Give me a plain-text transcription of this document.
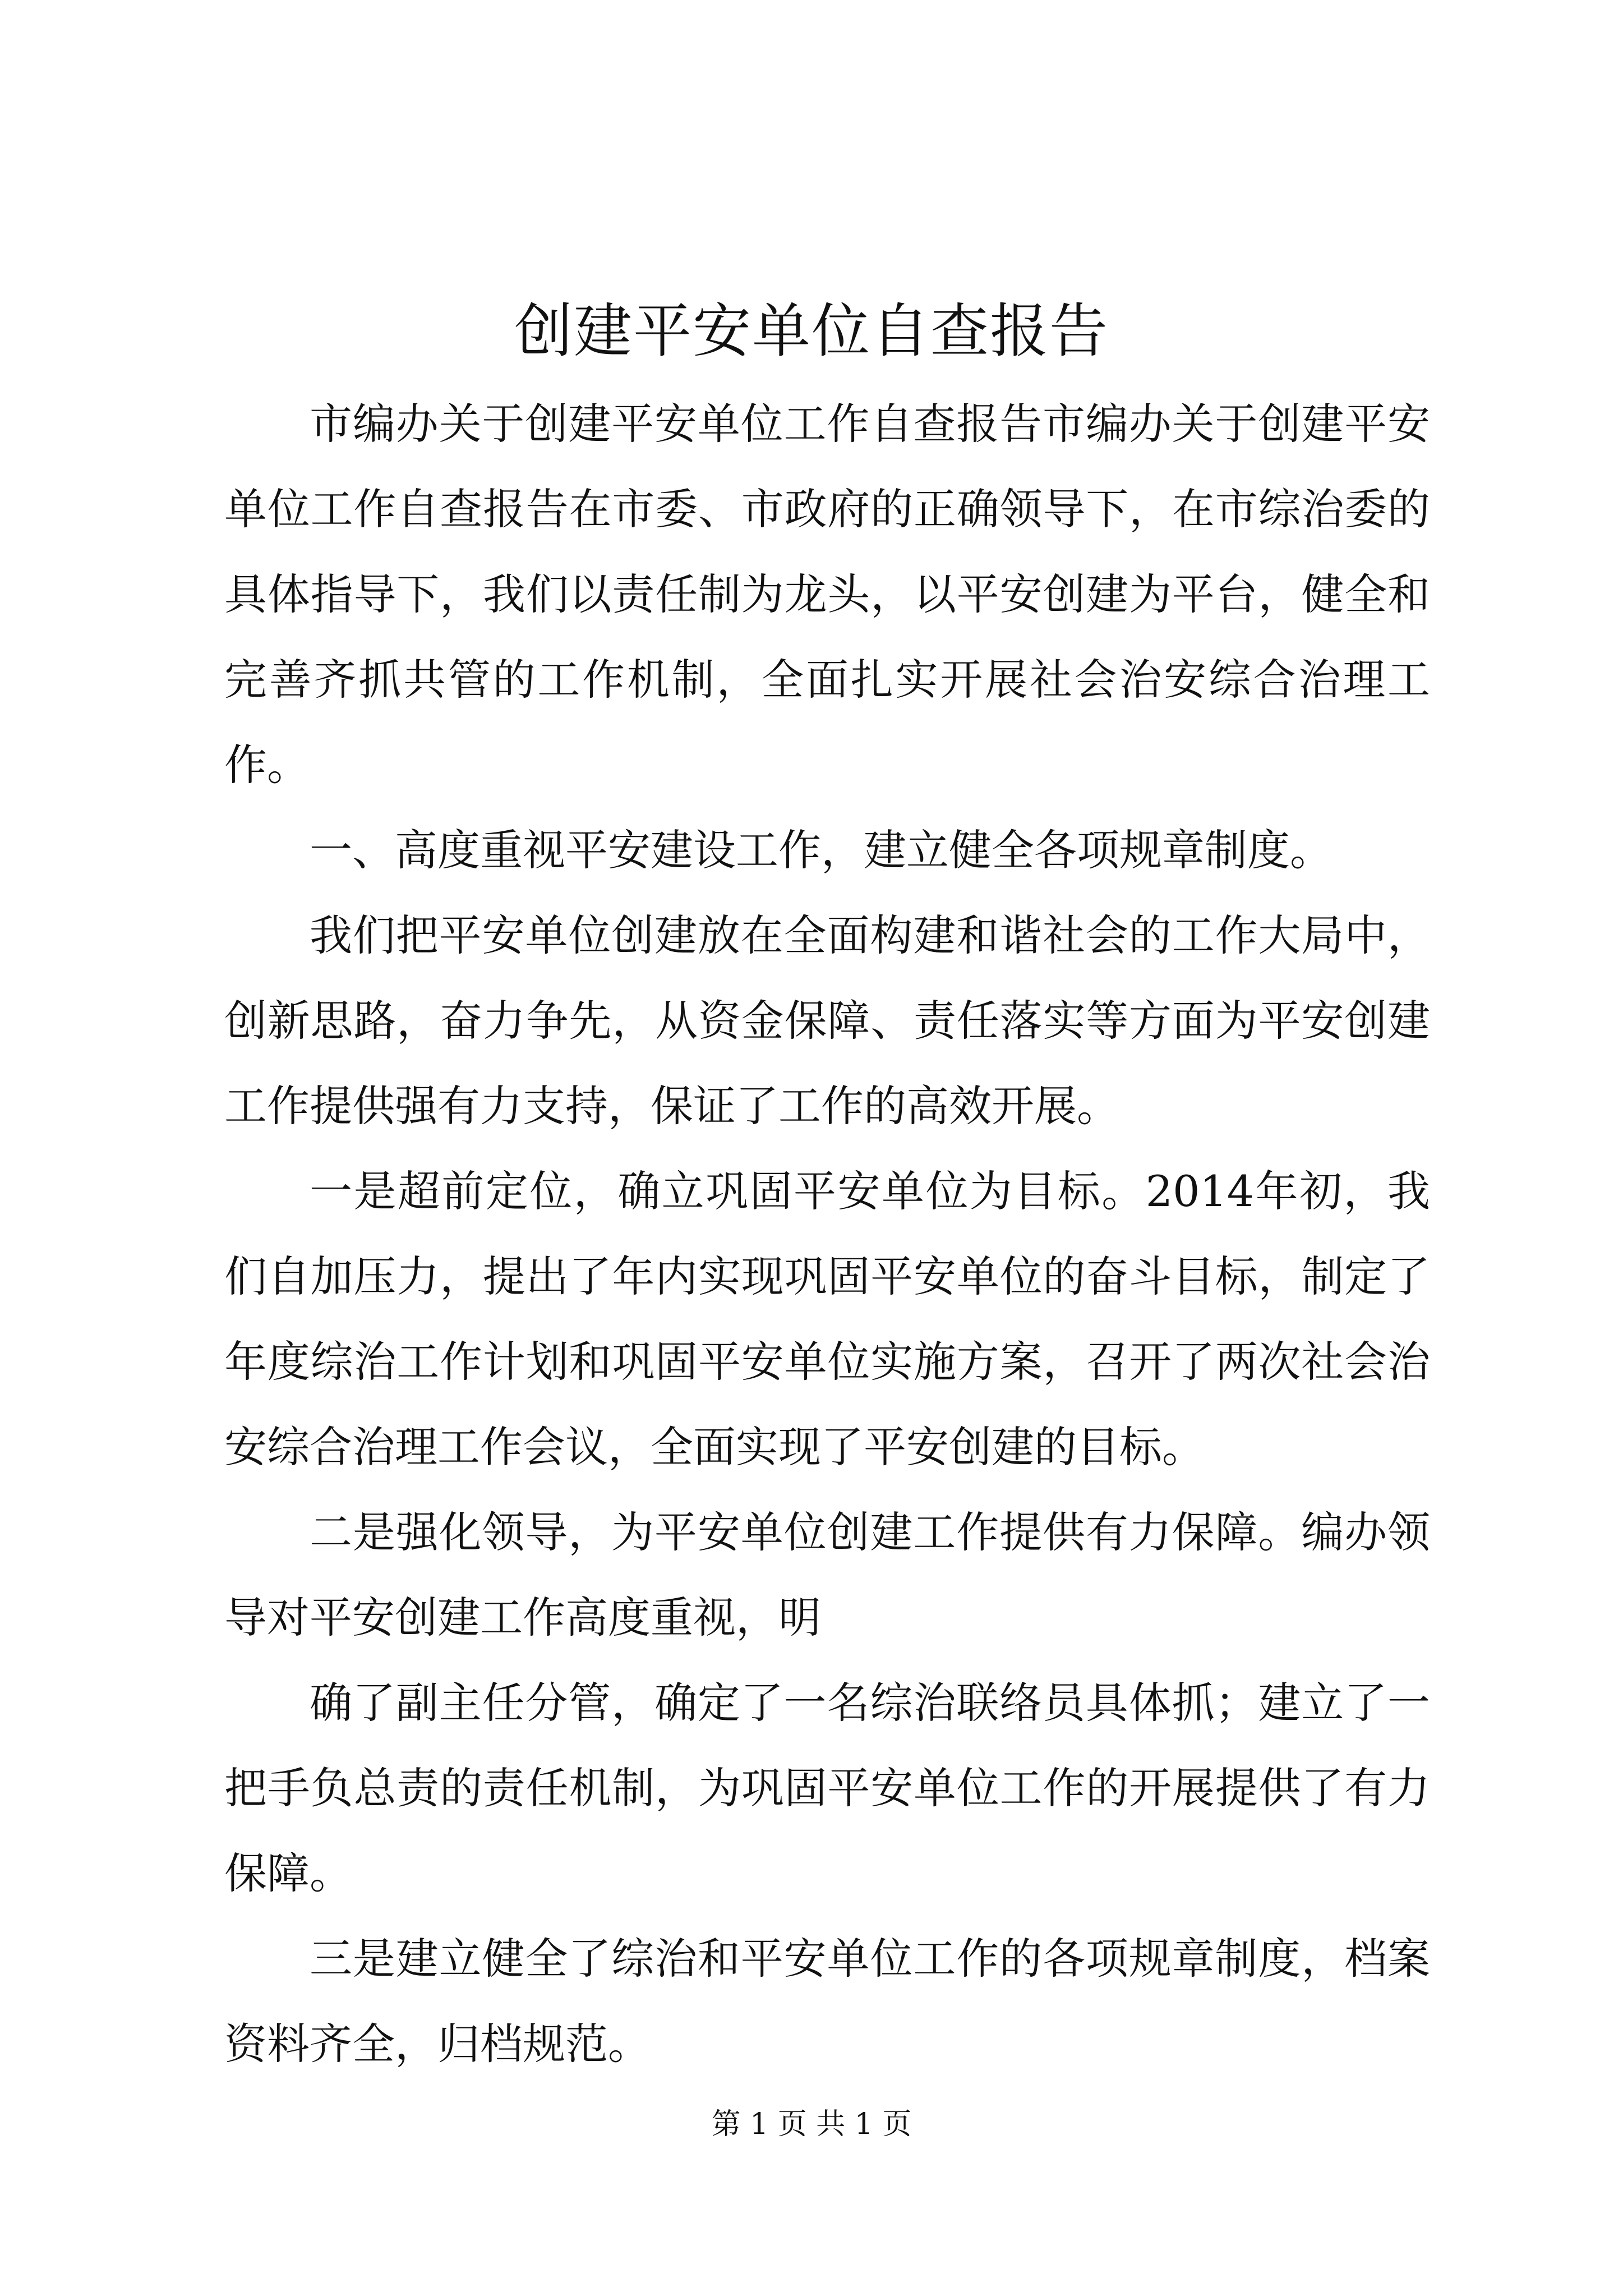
创建平安单位自查报告

市编办关于创建平安单位工作自查报告市编办关于创建平安单位工作自查报告在市委、市政府的正确领导下，在市综治委的具体指导下，我们以责任制为龙头，以平安创建为平台，健全和完善齐抓共管的工作机制，全面扎实开展社会治安综合治理工作。

一、高度重视平安建设工作，建立健全各项规章制度。

我们把平安单位创建放在全面构建和谐社会的工作大局中，创新思路，奋力争先，从资金保障、责任落实等方面为平安创建工作提供强有力支持，保证了工作的高效开展。

一是超前定位，确立巩固平安单位为目标。2014年初，我们自加压力，提出了年内实现巩固平安单位的奋斗目标，制定了年度综治工作计划和巩固平安单位实施方案，召开了两次社会治安综合治理工作会议，全面实现了平安创建的目标。

二是强化领导，为平安单位创建工作提供有力保障。编办领导对平安创建工作高度重视，明

确了副主任分管，确定了一名综治联络员具体抓；建立了一把手负总责的责任机制，为巩固平安单位工作的开展提供了有力保障。

三是建立健全了综治和平安单位工作的各项规章制度，档案资料齐全，归档规范。

第 1 页 共 1 页
